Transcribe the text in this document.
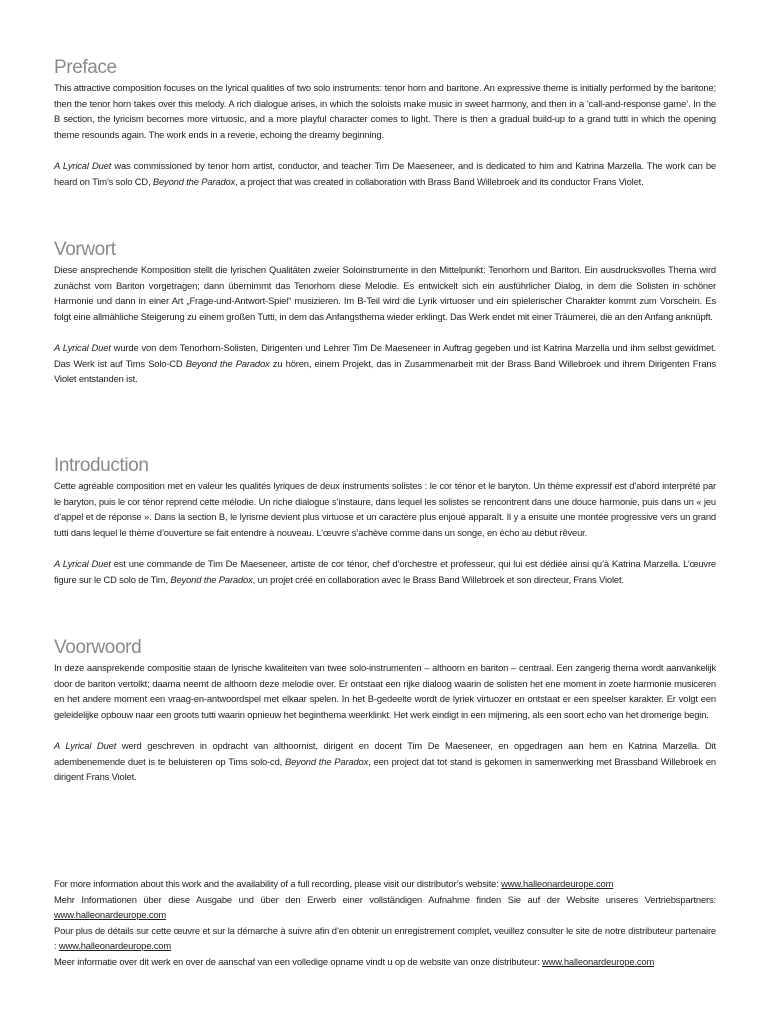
Preface

This attractive composition focuses on the lyrical qualities of two solo instruments: tenor horn and baritone. An expressive theme is initially performed by the baritone; then the tenor horn takes over this melody. A rich dialogue arises, in which the soloists make music in sweet harmony, and then in a ‘call-and-response game’. In the B section, the lyricism becomes more virtuosic, and a more playful character comes to light. There is then a gradual build-up to a grand tutti in which the opening theme resounds again. The work ends in a reverie, echoing the dreamy beginning.

A Lyrical Duet was commissioned by tenor horn artist, conductor, and teacher Tim De Maeseneer, and is dedicated to him and Katrina Marzella. The work can be heard on Tim’s solo CD, Beyond the Paradox, a project that was created in collaboration with Brass Band Willebroek and its conductor Frans Violet.

Vorwort

Diese ansprechende Komposition stellt die lyrischen Qualitäten zweier Soloinstrumente in den Mittelpunkt: Tenorhorn und Bariton. Ein ausdrucksvolles Thema wird zunächst vom Bariton vorgetragen; dann übernimmt das Tenorhorn diese Melodie. Es entwickelt sich ein ausführlicher Dialog, in dem die Solisten in schöner Harmonie und dann in einer Art „Frage-und-Antwort-Spiel“ musizieren. Im B-Teil wird die Lyrik virtuoser und ein spielerischer Charakter kommt zum Vorschein. Es folgt eine allmähliche Steigerung zu einem großen Tutti, in dem das Anfangsthema wieder erklingt. Das Werk endet mit einer Träumerei, die an den Anfang anknüpft.

A Lyrical Duet wurde von dem Tenorhorn-Solisten, Dirigenten und Lehrer Tim De Maeseneer in Auftrag gegeben und ist Katrina Marzella und ihm selbst gewidmet. Das Werk ist auf Tims Solo-CD Beyond the Paradox zu hören, einem Projekt, das in Zusammenarbeit mit der Brass Band Willebroek und ihrem Dirigenten Frans Violet entstanden ist.

Introduction

Cette agréable composition met en valeur les qualités lyriques de deux instruments solistes : le cor ténor et le baryton. Un thème expressif est d’abord interprété par le baryton, puis le cor ténor reprend cette mélodie. Un riche dialogue s’instaure, dans lequel les solistes se rencontrent dans une douce harmonie, puis dans un « jeu d’appel et de réponse ». Dans la section B, le lyrisme devient plus virtuose et un caractère plus enjoué apparaît. Il y a ensuite une montée progressive vers un grand tutti dans lequel le thème d’ouverture se fait entendre à nouveau. L’œuvre s’achève comme dans un songe, en écho au début rêveur.

A Lyrical Duet est une commande de Tim De Maeseneer, artiste de cor ténor, chef d’orchestre et professeur, qui lui est dédiée ainsi qu’à Katrina Marzella. L’œuvre figure sur le CD solo de Tim, Beyond the Paradox, un projet créé en collaboration avec le Brass Band Willebroek et son directeur, Frans Violet.

Voorwoord

In deze aansprekende compositie staan de lyrische kwaliteiten van twee solo-instrumenten – althoorn en bariton – centraal. Een zangerig thema wordt aanvankelijk door de bariton vertolkt; daarna neemt de althoorn deze melodie over. Er ontstaat een rijke dialoog waarin de solisten het ene moment in zoete harmonie musiceren en het andere moment een vraag-en-antwoordspel met elkaar spelen. In het B-gedeelte wordt de lyriek virtuozer en ontstaat er een speelser karakter. Er volgt een geleidelijke opbouw naar een groots tutti waarin opnieuw het beginthema weerklinkt. Het werk eindigt in een mijmering, als een soort echo van het dromerige begin.

A Lyrical Duet werd geschreven in opdracht van althoornist, dirigent en docent Tim De Maeseneer, en opgedragen aan hem en Katrina Marzella. Dit adembenemende duet is te beluisteren op Tims solo-cd, Beyond the Paradox, een project dat tot stand is gekomen in samenwerking met Brassband Willebroek en dirigent Frans Violet.

For more information about this work and the availability of a full recording, please visit our distributor’s website: www.halleonardeurope.com

Mehr Informationen über diese Ausgabe und über den Erwerb einer vollständigen Aufnahme finden Sie auf der Website unseres Vertriebspartners: www.halleonardeurope.com

Pour plus de détails sur cette œuvre et sur la démarche à suivre afin d’en obtenir un enregistrement complet, veuillez consulter le site de notre distributeur partenaire : www.halleonardeurope.com

Meer informatie over dit werk en over de aanschaf van een volledige opname vindt u op de website van onze distributeur: www.halleonardeurope.com
